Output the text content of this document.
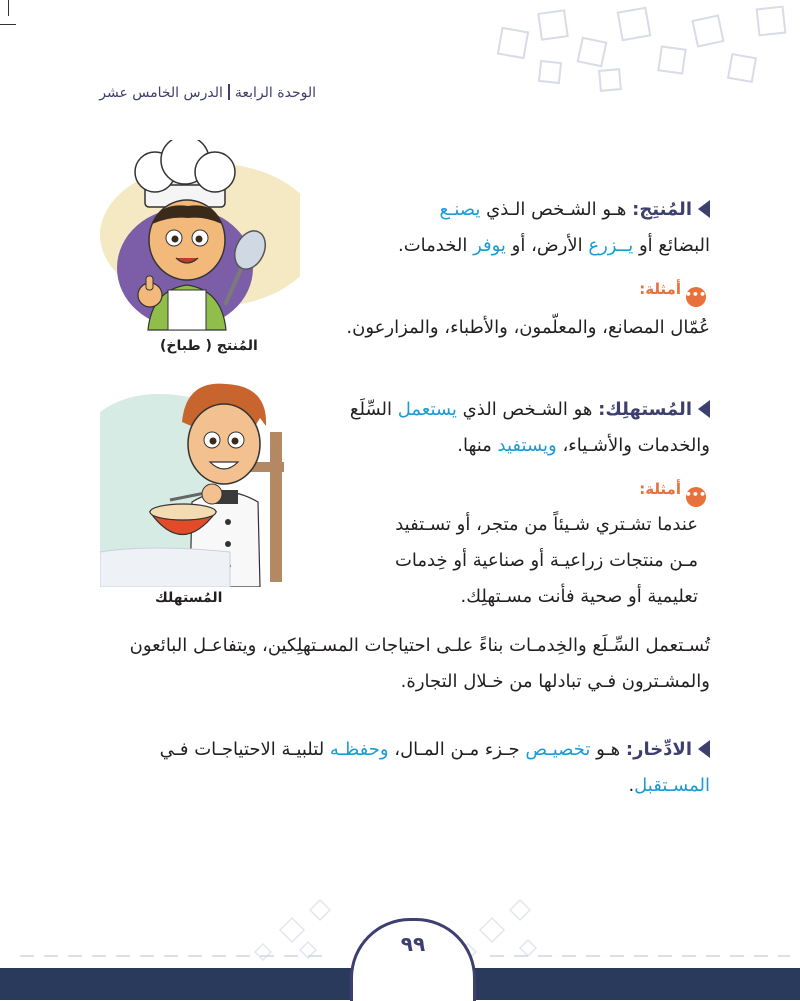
الوحدة الرابعةالدرس الخامس عشر
المُنتج ( طباخ)
المُنتِج: هـو الشـخص الـذي يصنـع
البضائع أو يــزرع الأرض، أو يوفر الخدمات.
•••أمثلة:
عُمّال المصانع، والمعلّمون، والأطباء، والمزارعون.
المُستهلك
المُستهلِك: هو الشـخص الذي يستعمل السِّلَع
والخدمات والأشـياء، ويستفيد منها.
•••أمثلة:
عندما تشـتري شـيئاً من متجر، أو تسـتفيد
مـن منتجات زراعيـة أو صناعية أو خِدمات
تعليمية أو صحية فأنت مسـتهلِك.
تُسـتعمل السِّـلَع والخِدمـات بناءً علـى احتياجات المسـتهلِكين، ويتفاعـل البائعون
والمشـترون فـي تبادلها من خـلال التجارة.
الادِّخار: هـو تخصيـص جـزء مـن المـال، وحفظـه لتلبيـة الاحتياجـات فـي
المسـتقبل.
٩٩
